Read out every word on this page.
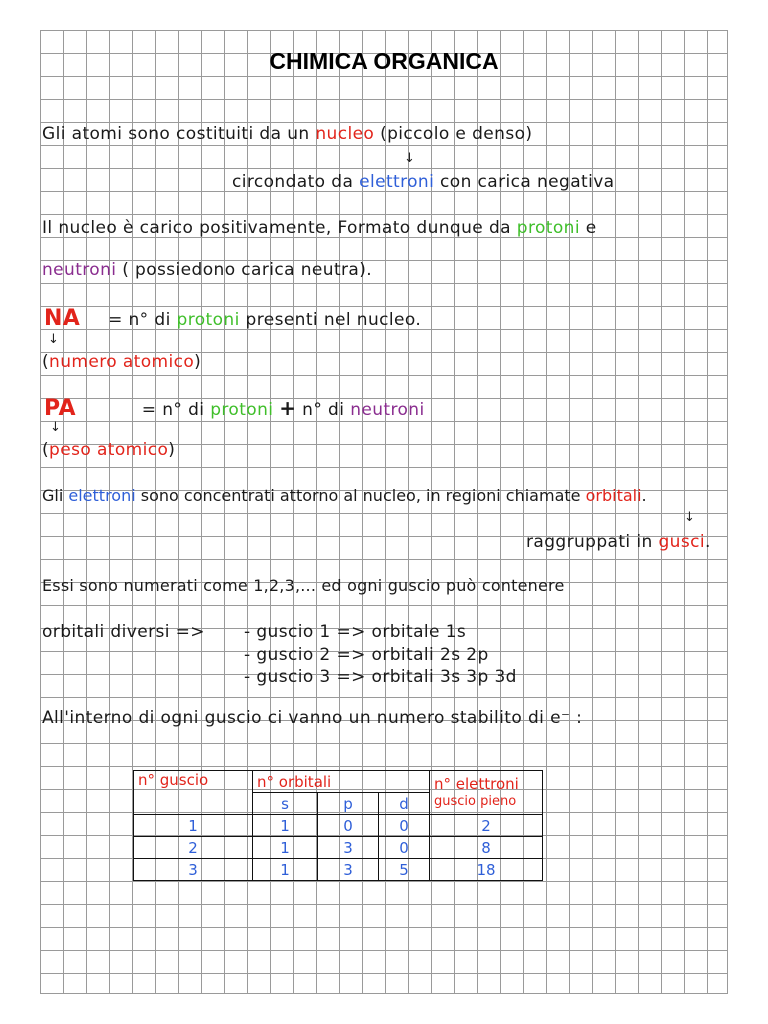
CHIMICA ORGANICA
Gli atomi sono costituiti da un nucleo (piccolo e denso)
↓
circondato da elettroni con carica negativa
Il nucleo è carico positivamente, Formato dunque da protoni e
neutroni ( possiedono carica neutra).
NA = n° di protoni presenti nel nucleo.
↓
(numero atomico)
PA	= n° di protoni + n° di neutroni
↓
(peso atomico)
Gli elettroni sono concentrati attorno al nucleo, in regioni chiamate orbitali.
↓
raggruppati in gusci.
Essi sono numerati come 1,2,3,... ed ogni guscio può contenere
orbitali diversi => - guscio 1 => orbitale 1s
- guscio 2 => orbitali 2s 2p
- guscio 3 => orbitali 3s 3p 3d
All'interno di ogni guscio ci vanno un numero stabilito di e⁻ :
n° guscio	n° orbitali			n° elettroni
guscio pieno

	s	p	d	
1	1	0	0	2
2	1	3	0	8
3	1	3	5	18
